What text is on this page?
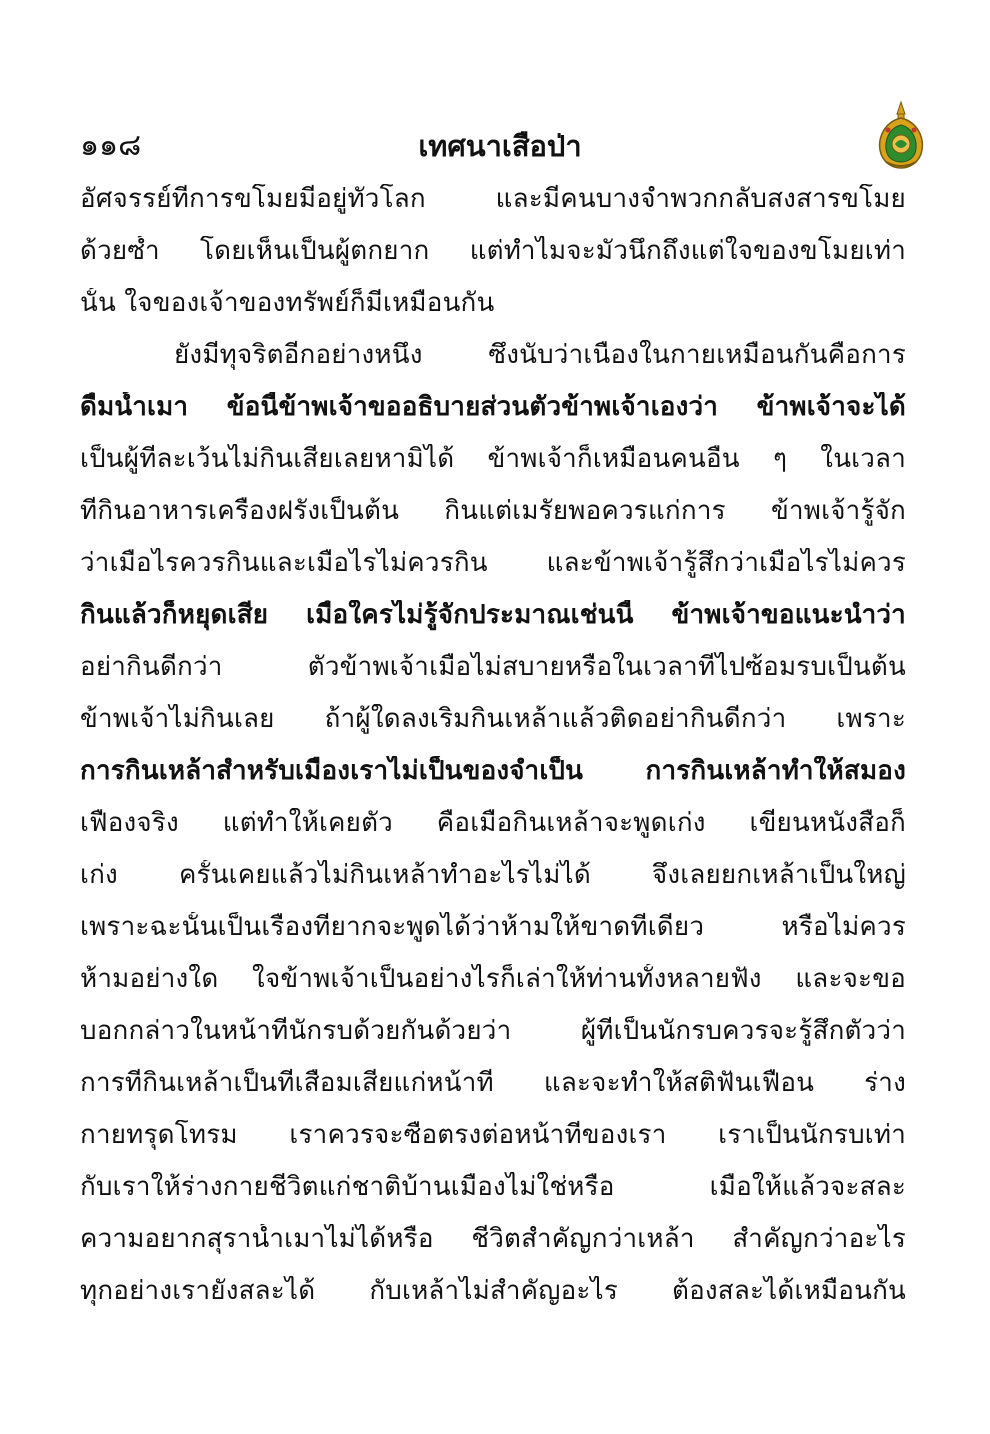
๑๑๘	เทศนาเสือป่า
อัศจรรย์ที่การขโมยมีอยู่ทั่วโลก และมีคนบางจำพวกกลับสงสารขโมย
ด้วยซ้ำ โดยเห็นเป็นผู้ตกยาก แต่ทำไมจะมัวนึกถึงแต่ใจของขโมยเท่า
นั้น ใจของเจ้าของทรัพย์ก็มีเหมือนกัน
ยังมีทุจริตอีกอย่างหนึ่ง ซึ่งนับว่าเนื่องในกายเหมือนกันคือการ
ดื่มน้ำเมา ข้อนี้ข้าพเจ้าขออธิบายส่วนตัวข้าพเจ้าเองว่า ข้าพเจ้าจะได้
เป็นผู้ที่ละเว้นไม่กินเสียเลยหามิได้ ข้าพเจ้าก็เหมือนคนอื่น ๆ ในเวลา
ที่กินอาหารเครื่องฝรั่งเป็นต้น กินแต่เมรัยพอควรแก่การ ข้าพเจ้ารู้จัก
ว่าเมื่อไรควรกินและเมื่อไรไม่ควรกิน และข้าพเจ้ารู้สึกว่าเมื่อไรไม่ควร
กินแล้วก็หยุดเสีย เมื่อใครไม่รู้จักประมาณเช่นนี้ ข้าพเจ้าขอแนะนำว่า
อย่ากินดีกว่า ตัวข้าพเจ้าเมื่อไม่สบายหรือในเวลาที่ไปซ้อมรบเป็นต้น
ข้าพเจ้าไม่กินเลย ถ้าผู้ใดลงเริ่มกินเหล้าแล้วติดอย่ากินดีกว่า เพราะ
การกินเหล้าสำหรับเมืองเราไม่เป็นของจำเป็น การกินเหล้าทำให้สมอง
เฟื่องจริง แต่ทำให้เคยตัว คือเมื่อกินเหล้าจะพูดเก่ง เขียนหนังสือก็
เก่ง ครั้นเคยแล้วไม่กินเหล้าทำอะไรไม่ได้ จึ่งเลยยกเหล้าเป็นใหญ่
เพราะฉะนั้นเป็นเรื่องที่ยากจะพูดได้ว่าห้ามให้ขาดทีเดียว หรือไม่ควร
ห้ามอย่างใด ใจข้าพเจ้าเป็นอย่างไรก็เล่าให้ท่านทั้งหลายฟัง และจะขอ
บอกกล่าวในหน้าที่นักรบด้วยกันด้วยว่า ผู้ที่เป็นนักรบควรจะรู้สึกตัวว่า
การที่กินเหล้าเป็นที่เสื่อมเสียแก่หน้าที่ และจะทำให้สติฟั่นเฟือน ร่าง
กายทรุดโทรม เราควรจะซื่อตรงต่อหน้าที่ของเรา เราเป็นนักรบเท่า
กับเราให้ร่างกายชีวิตแก่ชาติบ้านเมืองไม่ใช่หรือ เมื่อให้แล้วจะสละ
ความอยากสุราน้ำเมาไม่ได้หรือ ชีวิตสำคัญกว่าเหล้า สำคัญกว่าอะไร
ทุกอย่างเรายังสละได้ กับเหล้าไม่สำคัญอะไร ต้องสละได้เหมือนกัน
